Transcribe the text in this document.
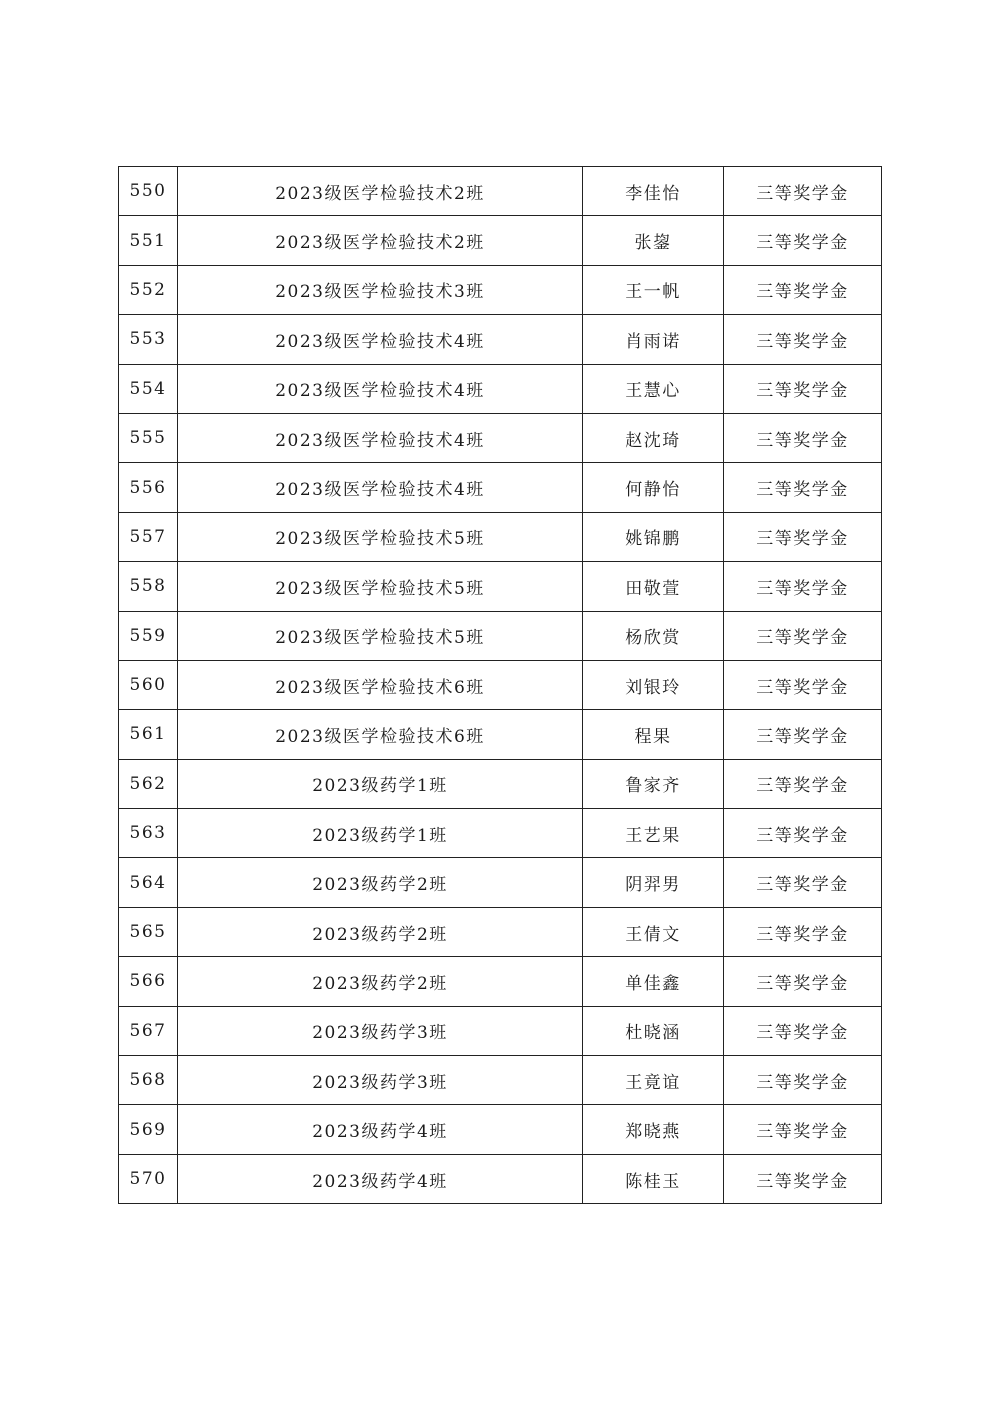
550	2023级医学检验技术2班	李佳怡	三等奖学金
551	2023级医学检验技术2班	张鋆	三等奖学金
552	2023级医学检验技术3班	王一帆	三等奖学金
553	2023级医学检验技术4班	肖雨诺	三等奖学金
554	2023级医学检验技术4班	王慧心	三等奖学金
555	2023级医学检验技术4班	赵沈琦	三等奖学金
556	2023级医学检验技术4班	何静怡	三等奖学金
557	2023级医学检验技术5班	姚锦鹏	三等奖学金
558	2023级医学检验技术5班	田敬萱	三等奖学金
559	2023级医学检验技术5班	杨欣赏	三等奖学金
560	2023级医学检验技术6班	刘银玲	三等奖学金
561	2023级医学检验技术6班	程果	三等奖学金
562	2023级药学1班	鲁家齐	三等奖学金
563	2023级药学1班	王艺果	三等奖学金
564	2023级药学2班	阴羿男	三等奖学金
565	2023级药学2班	王倩文	三等奖学金
566	2023级药学2班	单佳鑫	三等奖学金
567	2023级药学3班	杜晓涵	三等奖学金
568	2023级药学3班	王竟谊	三等奖学金
569	2023级药学4班	郑晓燕	三等奖学金
570	2023级药学4班	陈桂玉	三等奖学金
